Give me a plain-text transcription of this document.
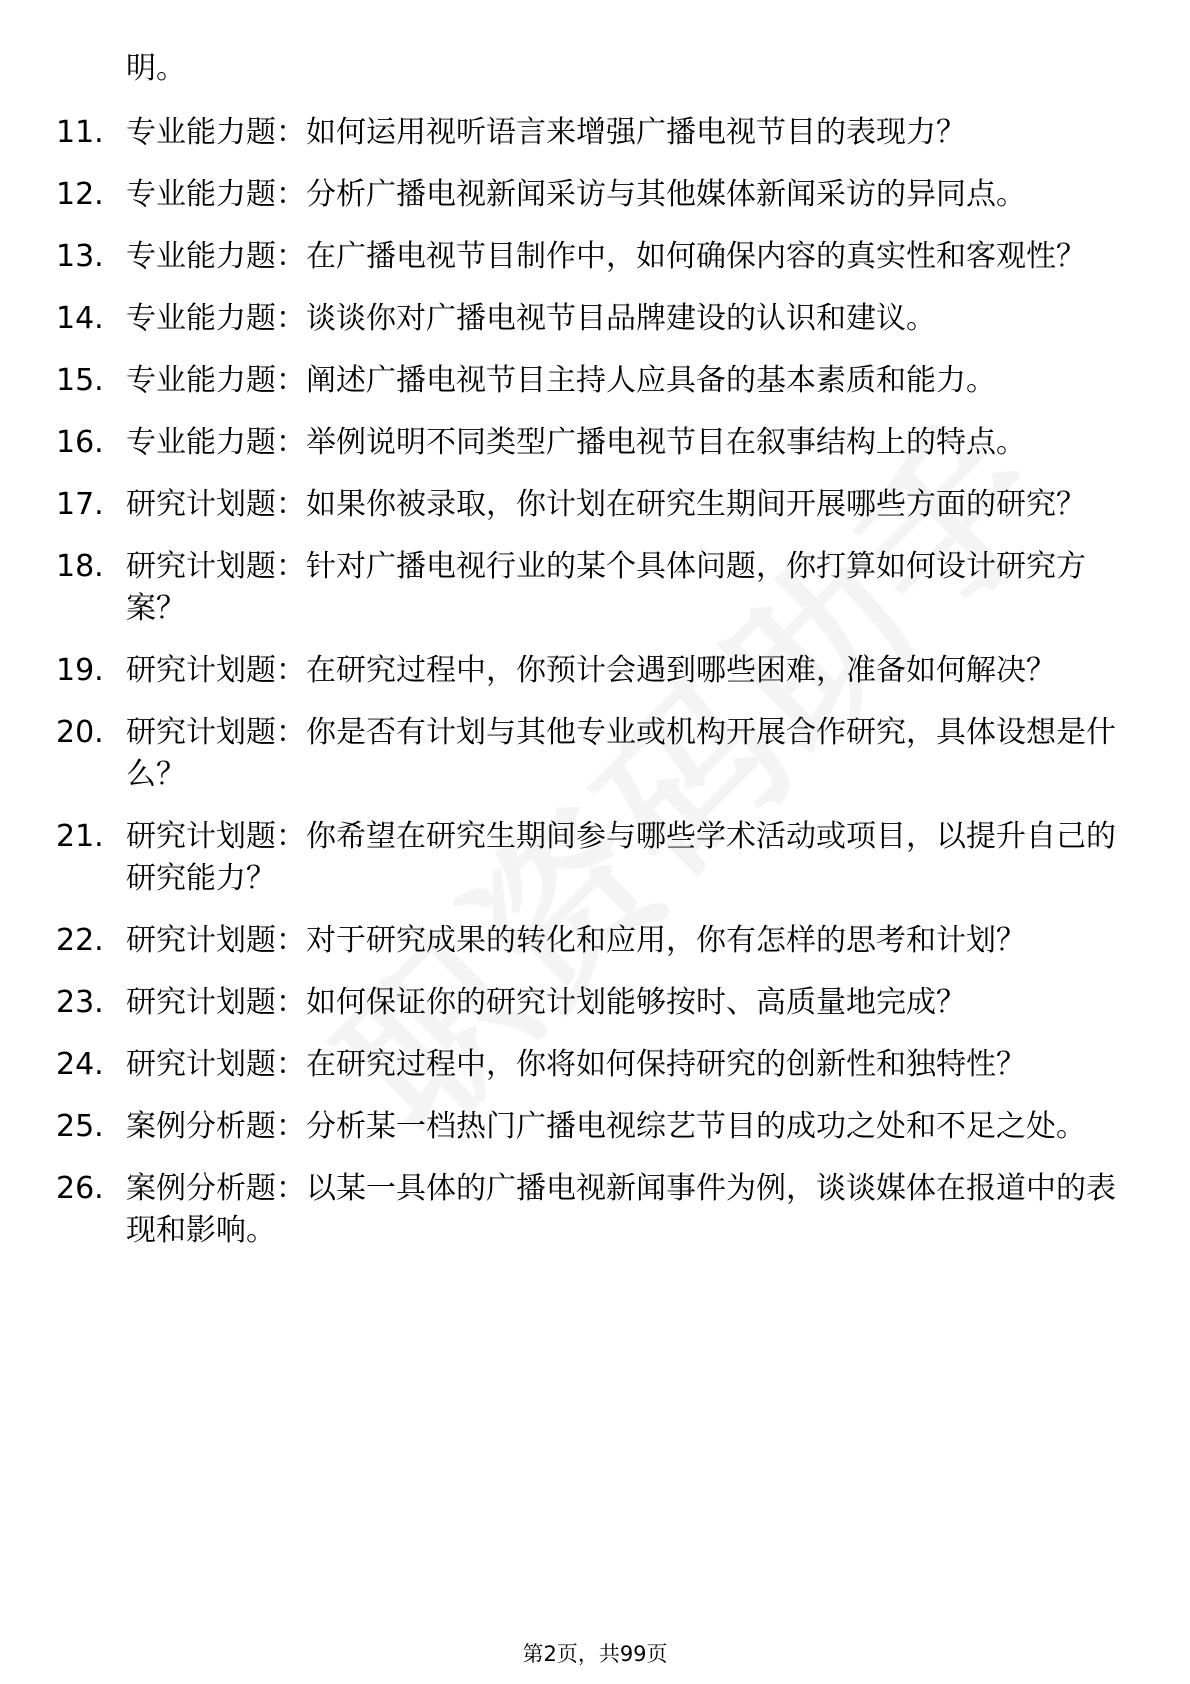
明。
11. 专业能力题：如何运用视听语言来增强广播电视节目的表现力？
12. 专业能力题：分析广播电视新闻采访与其他媒体新闻采访的异同点。
13. 专业能力题：在广播电视节目制作中，如何确保内容的真实性和客观性？
14. 专业能力题：谈谈你对广播电视节目品牌建设的认识和建议。
15. 专业能力题：阐述广播电视节目主持人应具备的基本素质和能力。
16. 专业能力题：举例说明不同类型广播电视节目在叙事结构上的特点。
17. 研究计划题：如果你被录取，你计划在研究生期间开展哪些方面的研究？
18. 研究计划题：针对广播电视行业的某个具体问题，你打算如何设计研究方案？
19. 研究计划题：在研究过程中，你预计会遇到哪些困难，准备如何解决？
20. 研究计划题：你是否有计划与其他专业或机构开展合作研究，具体设想是什么？
21. 研究计划题：你希望在研究生期间参与哪些学术活动或项目，以提升自己的研究能力？
22. 研究计划题：对于研究成果的转化和应用，你有怎样的思考和计划？
23. 研究计划题：如何保证你的研究计划能够按时、高质量地完成？
24. 研究计划题：在研究过程中，你将如何保持研究的创新性和独特性？
25. 案例分析题：分析某一档热门广播电视综艺节目的成功之处和不足之处。
26. 案例分析题：以某一具体的广播电视新闻事件为例，谈谈媒体在报道中的表现和影响。
第2页，共99页
